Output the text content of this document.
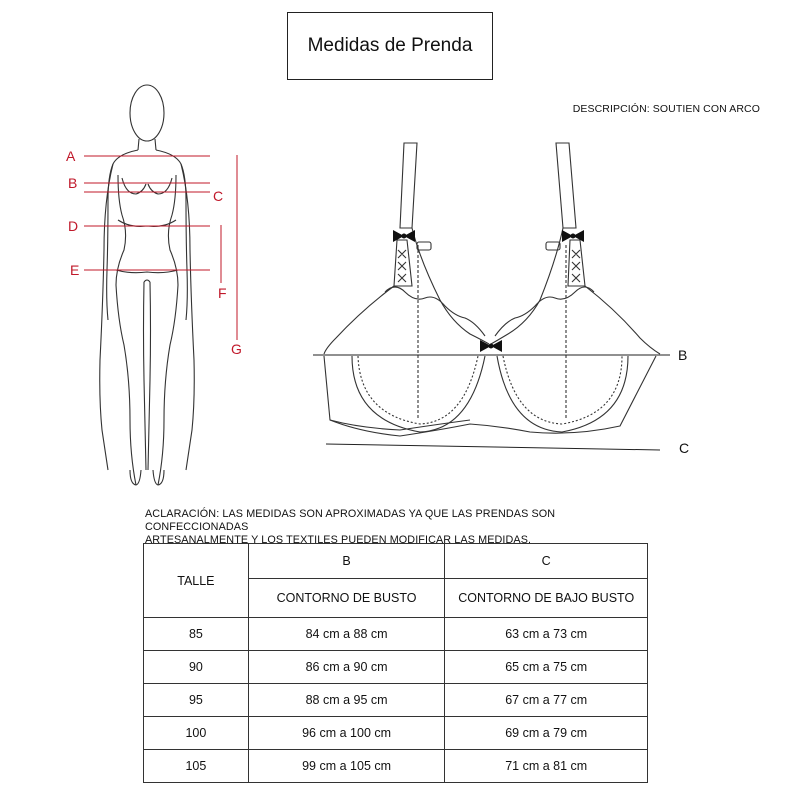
Medidas de Prenda
DESCRIPCIÓN: SOUTIEN CON ARCO
A
B
C
D
E
F
G	B
C
ACLARACIÓN: LAS MEDIDAS SON APROXIMADAS YA QUE LAS PRENDAS SON CONFECCIONADAS
ARTESANALMENTE Y LOS TEXTILES PUEDEN MODIFICAR LAS MEDIDAS.
TALLE	B	C
	CONTORNO DE BUSTO	CONTORNO DE BAJO BUSTO
85	84 cm a 88 cm	63 cm a 73 cm
90	86 cm a 90 cm	65 cm a 75 cm
95	88 cm a 95 cm	67 cm a 77 cm
100	96 cm a 100 cm	69 cm a 79 cm
105	99 cm a 105 cm	71 cm a 81 cm
